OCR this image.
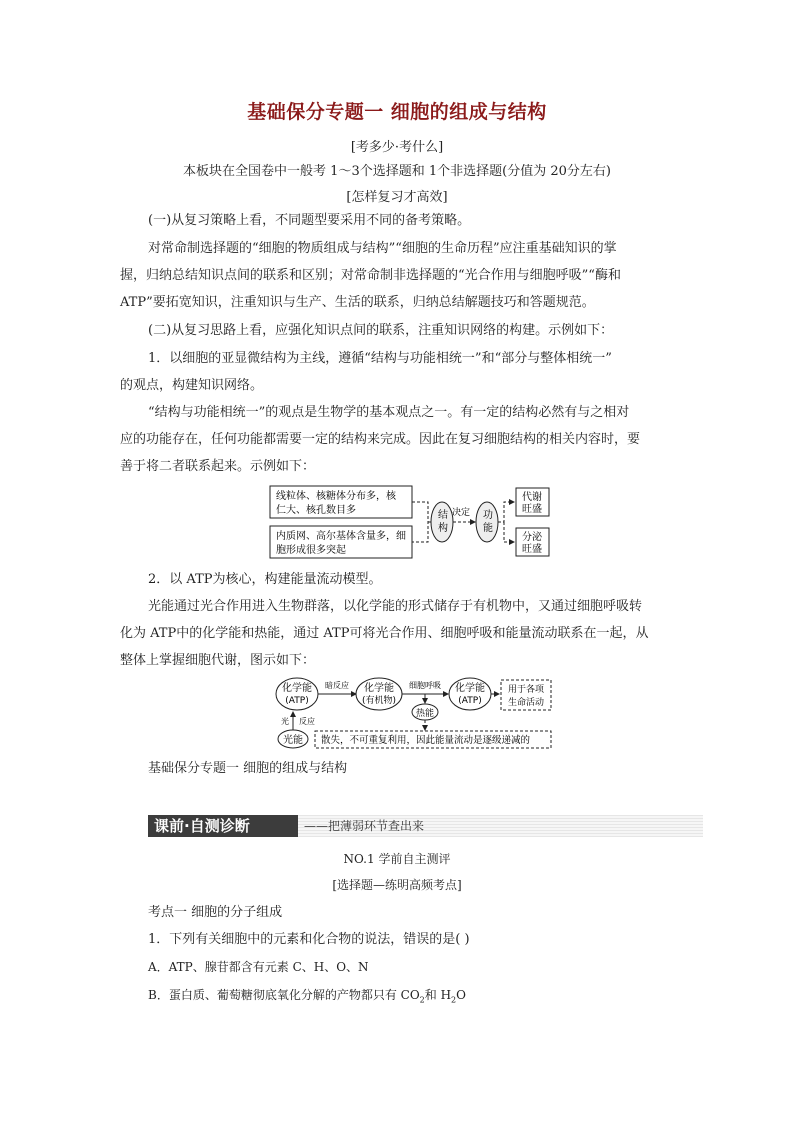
基础保分专题一 细胞的组成与结构
[考多少·考什么]
本板块在全国卷中一般考 1～3个选择题和 1个非选择题(分值为 20分左右)
[怎样复习才高效]
(一)从复习策略上看，不同题型要采用不同的备考策略。
对常命制选择题的“细胞的物质组成与结构”“细胞的生命历程”应注重基础知识的掌
握，归纳总结知识点间的联系和区别；对常命制非选择题的“光合作用与细胞呼吸”“酶和
ATP”要拓宽知识，注重知识与生产、生活的联系，归纳总结解题技巧和答题规范。
(二)从复习思路上看，应强化知识点间的联系，注重知识网络的构建。示例如下：
1．以细胞的亚显微结构为主线，遵循“结构与功能相统一”和“部分与整体相统一”
的观点，构建知识网络。
“结构与功能相统一”的观点是生物学的基本观点之一。有一定的结构必然有与之相对
应的功能存在，任何功能都需要一定的结构来完成。因此在复习细胞结构的相关内容时，要
善于将二者联系起来。示例如下：
线粒体、核糖体分布多，核
仁大、核孔数目多
内质网、高尔基体含量多，细
胞形成很多突起
结
构
决定 功
能
代谢
旺盛
分泌
旺盛
2．以 ATP为核心，构建能量流动模型。
光能通过光合作用进入生物群落，以化学能的形式储存于有机物中，又通过细胞呼吸转
化为 ATP中的化学能和热能，通过 ATP可将光合作用、细胞呼吸和能量流动联系在一起，从
整体上掌握细胞代谢，图示如下：
化学能
(ATP)
暗反应 化学能
(有机物)
细胞呼吸 化学能
(ATP)
用于各项
生命活动
热能
光 反应
光能 散失，不可重复利用，因此能量流动是逐级递减的
基础保分专题一 细胞的组成与结构
课前·自测诊断	——把薄弱环节查出来
NO.1 学前自主测评
[选择题—练明高频考点]
考点一 细胞的分子组成
1．下列有关细胞中的元素和化合物的说法，错误的是( )
A．ATP、腺苷都含有元素 C、H、O、N
B．蛋白质、葡萄糖彻底氧化分解的产物都只有 $CO_2$和 $H_2O$
